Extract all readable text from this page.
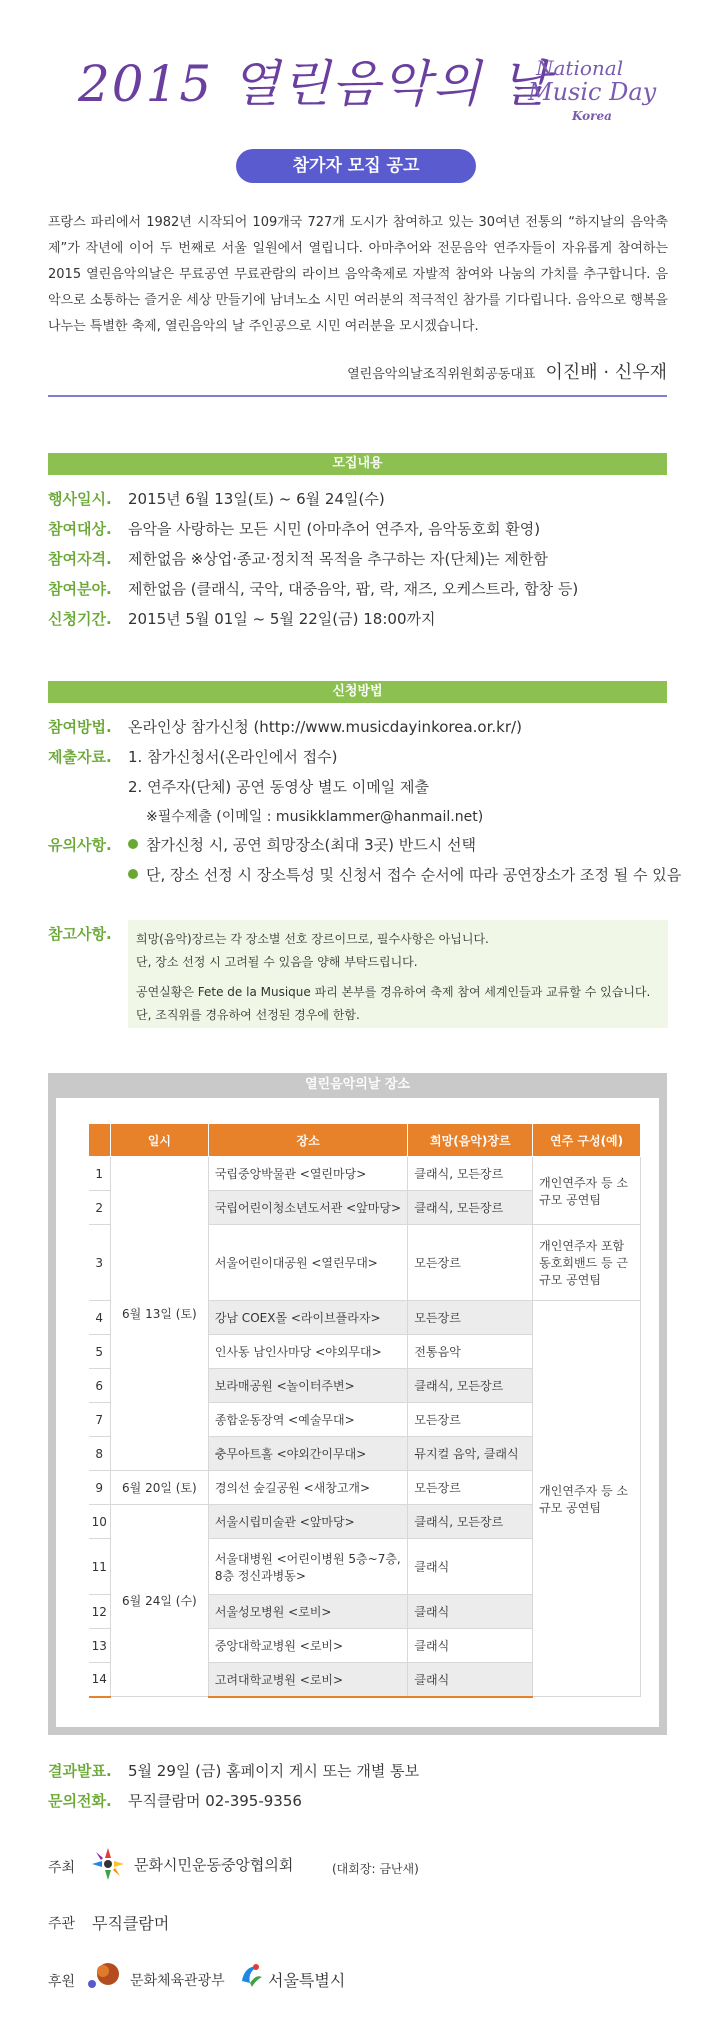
2015 열린음악의 날
National
Music Day
Korea
참가자 모집 공고
프랑스 파리에서 1982년 시작되어 109개국 727개 도시가 참여하고 있는 30여년 전통의 “하지날의 음악축제”가 작년에 이어 두 번째로 서울 일원에서 열립니다. 아마추어와 전문음악 연주자들이 자유롭게 참여하는 2015 열린음악의날은 무료공연 무료관람의 라이브 음악축제로 자발적 참여와 나눔의 가치를 추구합니다. 음악으로 소통하는 즐거운 세상 만들기에 남녀노소 시민 여러분의 적극적인 참가를 기다립니다. 음악으로 행복을 나누는 특별한 축제, 열린음악의 날 주인공으로 시민 여러분을 모시겠습니다.
열린음악의날조직위원회공동대표 이진배 · 신우재
모집내용
행사일시. 2015년 6월 13일(토) ~ 6월 24일(수)
참여대상. 음악을 사랑하는 모든 시민 (아마추어 연주자, 음악동호회 환영)
참여자격. 제한없음 ※상업·종교·정치적 목적을 추구하는 자(단체)는 제한함
참여분야. 제한없음 (클래식, 국악, 대중음악, 팝, 락, 재즈, 오케스트라, 합창 등)
신청기간. 2015년 5월 01일 ~ 5월 22일(금) 18:00까지
신청방법
참여방법. 온라인상 참가신청 (http://www.musicdayinkorea.or.kr/)
제출자료. 1. 참가신청서(온라인에서 접수)
2. 연주자(단체) 공연 동영상 별도 이메일 제출
※필수제출 (이메일 : musikklammer@hanmail.net)
유의사항. 참가신청 시, 공연 희망장소(최대 3곳) 반드시 선택
단, 장소 선정 시 장소특성 및 신청서 접수 순서에 따라 공연장소가 조정 될 수 있음
참고사항. 희망(음악)장르는 각 장소별 선호 장르이므로, 필수사항은 아닙니다.
단, 장소 선정 시 고려될 수 있음을 양해 부탁드립니다.
공연실황은 Fete de la Musique 파리 본부를 경유하여 축제 참여 세계인들과 교류할 수 있습니다.
단, 조직위를 경유하여 선정된 경우에 한함.
열린음악의날 장소
	일시	장소	희망(음악)장르	연주 구성(예)
1	6월 13일 (토)	국립중앙박물관 <열린마당>	클래식, 모든장르	개인연주자 등 소규모 공연팀
2		국립어린이청소년도서관 <앞마당>	클래식, 모든장르	
3		서울어린이대공원 <열린무대>	모든장르	개인연주자 포함 동호회밴드 등 근규모 공연팀
4		강남 COEX몰 <라이브플라자>	모든장르	개인연주자 등 소규모 공연팀
5		인사동 남인사마당 <야외무대>	전통음악	
6		보라매공원 <놀이터주변>	클래식, 모든장르	
7		종합운동장역 <예술무대>	모든장르	
8		충무아트홀 <야외간이무대>	뮤지컬 음악, 클래식	
9	6월 20일 (토)	경의선 숲길공원 <새창고개>	모든장르	
10	6월 24일 (수)	서울시립미술관 <앞마당>	클래식, 모든장르	
11		서울대병원 <어린이병원 5층~7층, 8층 정신과병동>	클래식	
12		서울성모병원 <로비>	클래식	
13		중앙대학교병원 <로비>	클래식	
14		고려대학교병원 <로비>	클래식	
결과발표. 5월 29일 (금) 홈페이지 게시 또는 개별 통보
문의전화. 무직클람머 02-395-9356
주최	문화시민운동중앙협의회	(대회장: 금난새)
주관 무직클람머
후원	문화체육관광부	서울특별시
